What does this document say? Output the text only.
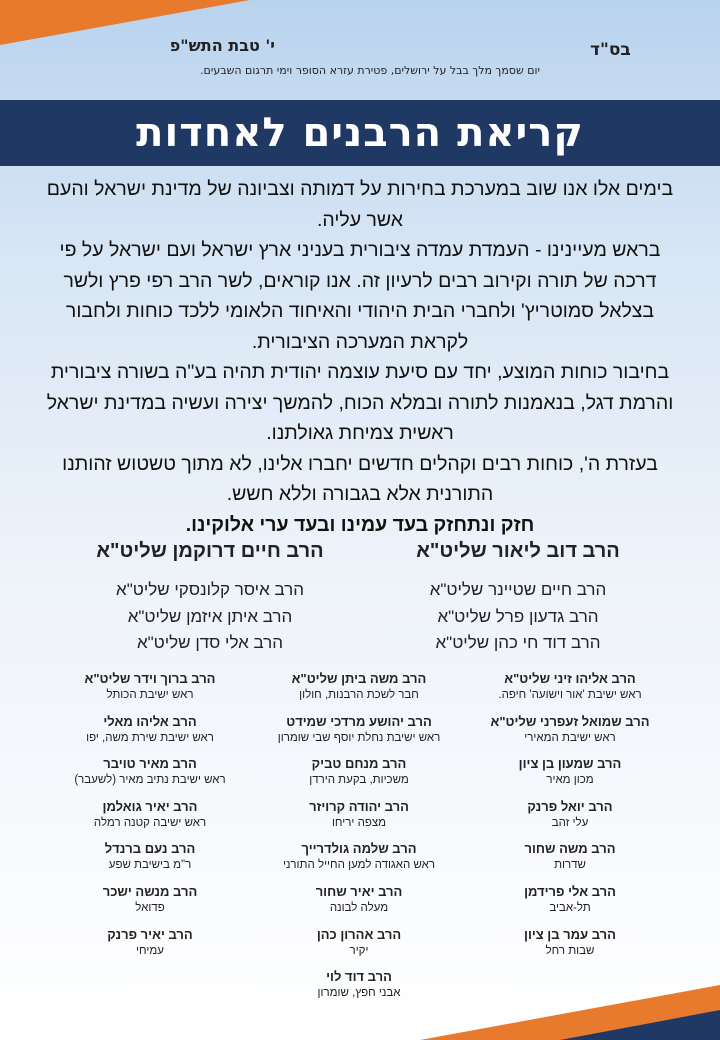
בס"ד
י' טבת התש"פ
יום שסמך מלך בבל על ירושלים, פטירת עזרא הסופר וימי תרגום השבעים.
קריאת הרבנים לאחדות

בימים אלו אנו שוב במערכת בחירות על דמותה וצביונה של מדינת ישראל והעם אשר עליה.

בראש מעיינינו - העמדת עמדה ציבורית בעניני ארץ ישראל ועם ישראל על פי דרכה של תורה וקירוב רבים לרעיון זה. אנו קוראים, לשר הרב רפי פרץ ולשר בצלאל סמוטריץ' ולחברי הבית היהודי והאיחוד הלאומי ללכד כוחות ולחבור לקראת המערכה הציבורית.

בחיבור כוחות המוצע, יחד עם סיעת עוצמה יהודית תהיה בע"ה בשורה ציבורית והרמת דגל, בנאמנות לתורה ובמלא הכוח, להמשך יצירה ועשיה במדינת ישראל ראשית צמיחת גאולתנו.

בעזרת ה', כוחות רבים וקהלים חדשים יחברו אלינו, לא מתוך טשטוש זהותנו התורנית אלא בגבורה וללא חשש.

חזק ונתחזק בעד עמינו ובעד ערי אלוקינו.

הרב דוב ליאור שליט"א
הרב חיים שטיינר שליט"א
הרב גדעון פרל שליט"א
הרב דוד חי כהן שליט"א
הרב חיים דרוקמן שליט"א
הרב איסר קלונסקי שליט"א
הרב איתן איזמן שליט"א
הרב אלי סדן שליט"א
הרב אליהו זיני שליט"א
ראש ישיבת 'אור וישועה' חיפה.
הרב שמואל זעפרני שליט"א
ראש ישיבת המאירי
הרב שמעון בן ציון
מכון מאיר
הרב יואל פרנק
עלי זהב
הרב משה שחור
שדרות
הרב אלי פרידמן
תל-אביב
הרב עמר בן ציון
שבות רחל
הרב משה ביתן שליט"א
חבר לשכת הרבנות, חולון
הרב יהושע מרדכי שמידט
ראש ישיבת נחלת יוסף שבי שומרון
הרב מנחם טביק
משכיות, בקעת הירדן
הרב יהודה קרויזר
מצפה יריחו
הרב שלמה גולדרייך
ראש האגודה למען החייל התורני
הרב יאיר שחור
מעלה לבונה
הרב אהרון כהן
יקיר
הרב דוד לוי
אבני חפץ, שומרון
הרב ברוך וידר שליט"א
ראש ישיבת הכותל
הרב אליהו מאלי
ראש ישיבת שירת משה, יפו
הרב מאיר טויבר
ראש ישיבת נתיב מאיר (לשעבר)
הרב יאיר גואלמן
ראש ישיבה קטנה רמלה
הרב נעם ברנדל
ר"מ בישיבת שפע
הרב מנשה ישכר
פדואל
הרב יאיר פרנק
עמיחי
